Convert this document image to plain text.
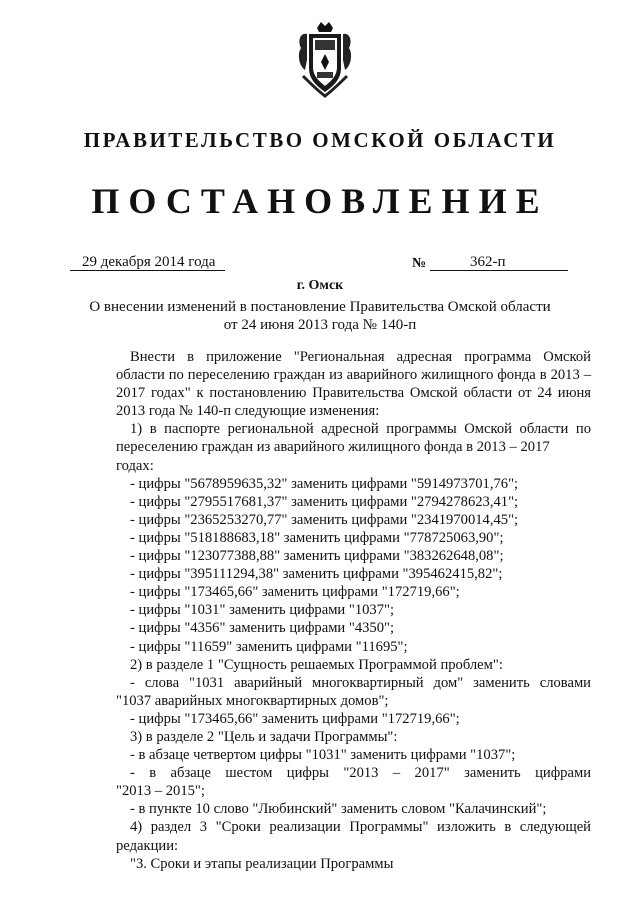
ПРАВИТЕЛЬСТВО ОМСКОЙ ОБЛАСТИ
ПОСТАНОВЛЕНИЕ
29 декабря 2014 года	№	362-п
г. Омск
О внесении изменений в постановление Правительства Омской области
от 24 июня 2013 года № 140-п

Внести в приложение "Региональная адресная программа Омской

области по переселению граждан из аварийного жилищного фонда в 2013 –

2017 годах" к постановлению Правительства Омской области от 24 июня

2013 года № 140-п следующие изменения:

1) в паспорте региональной адресной программы Омской области по

переселению граждан из аварийного жилищного фонда в 2013 – 2017 годах:

- цифры "5678959635,32" заменить цифрами "5914973701,76";

- цифры "2795517681,37" заменить цифрами "2794278623,41";

- цифры "2365253270,77" заменить цифрами "2341970014,45";

- цифры "518188683,18" заменить цифрами "778725063,90";

- цифры "123077388,88" заменить цифрами "383262648,08";

- цифры "395111294,38" заменить цифрами "395462415,82";

- цифры "173465,66" заменить цифрами "172719,66";

- цифры "1031" заменить цифрами "1037";

- цифры "4356" заменить цифрами "4350";

- цифры "11659" заменить цифрами "11695";

2) в разделе 1 "Сущность решаемых Программой проблем":

- слова "1031 аварийный многоквартирный дом" заменить словами

"1037 аварийных многоквартирных домов";

- цифры "173465,66" заменить цифрами "172719,66";

3) в разделе 2 "Цель и задачи Программы":

- в абзаце четвертом цифры "1031" заменить цифрами "1037";

- в абзаце шестом цифры "2013 – 2017" заменить цифрами

"2013 – 2015";

- в пункте 10 слово "Любинский" заменить словом "Калачинский";

4) раздел 3 "Сроки реализации Программы" изложить в следующей

редакции:

"3. Сроки и этапы реализации Программы
